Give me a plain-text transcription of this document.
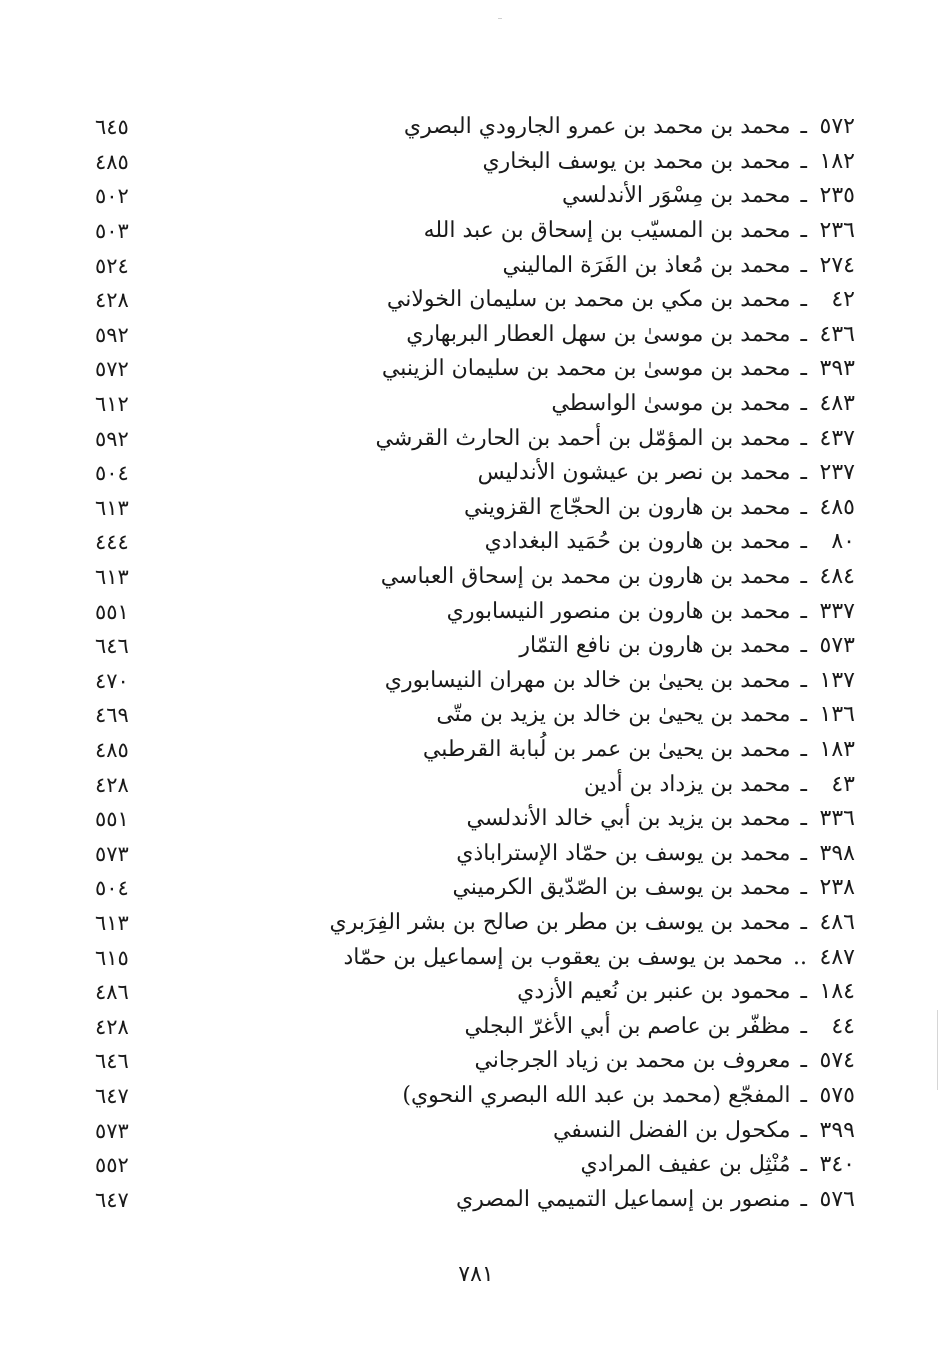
٥٧٢
ـ
محمد بن محمد بن عمرو الجارودي البصري
٦٤٥
١٨٢
ـ
محمد بن محمد بن يوسف البخاري
٤٨٥
٢٣٥
ـ
محمد بن مِسْوَر الأندلسي
٥٠٢
٢٣٦
ـ
محمد بن المسيّب بن إسحاق بن عبد الله
٥٠٣
٢٧٤
ـ
محمد بن مُعاذ بن الفَرَة الماليني
٥٢٤
٤٢
ـ
محمد بن مكي بن محمد بن سليمان الخولاني
٤٢٨
٤٣٦
ـ
محمد بن موسىٰ بن سهل العطار البربهاري
٥٩٢
٣٩٣
ـ
محمد بن موسىٰ بن محمد بن سليمان الزينبي
٥٧٢
٤٨٣
ـ
محمد بن موسىٰ الواسطي
٦١٢
٤٣٧
ـ
محمد بن المؤمّل بن أحمد بن الحارث القرشي
٥٩٢
٢٣٧
ـ
محمد بن نصر بن عيشون الأندليس
٥٠٤
٤٨٥
ـ
محمد بن هارون بن الحجّاج القزويني
٦١٣
٨٠
ـ
محمد بن هارون بن حُمَيد البغدادي
٤٤٤
٤٨٤
ـ
محمد بن هارون بن محمد بن إسحاق العباسي
٦١٣
٣٣٧
ـ
محمد بن هارون بن منصور النيسابوري
٥٥١
٥٧٣
ـ
محمد بن هارون بن نافع التمّار
٦٤٦
١٣٧
ـ
محمد بن يحيىٰ بن خالد بن مهران النيسابوري
٤٧٠
١٣٦
ـ
محمد بن يحيىٰ بن خالد بن يزيد بن متّى
٤٦٩
١٨٣
ـ
محمد بن يحيىٰ بن عمر بن لُبابة القرطبي
٤٨٥
٤٣
ـ
محمد بن يزداد بن أدين
٤٢٨
٣٣٦
ـ
محمد بن يزيد بن أبي خالد الأندلسي
٥٥١
٣٩٨
ـ
محمد بن يوسف بن حمّاد الإستراباذي
٥٧٣
٢٣٨
ـ
محمد بن يوسف بن الصّدّيق الكرميني
٥٠٤
٤٨٦
ـ
محمد بن يوسف بن مطر بن صالح بن بشر الفِرَبري
٦١٣
٤٨٧
..
محمد بن يوسف بن يعقوب بن إسماعيل بن حمّاد
٦١٥
١٨٤
ـ
محمود بن عنبر بن نُعيم الأزدي
٤٨٦
٤٤
ـ
مظفّر بن عاصم بن أبي الأغرّ البجلي
٤٢٨
٥٧٤
ـ
معروف بن محمد بن زياد الجرجاني
٦٤٦
٥٧٥
ـ
المفجّع (محمد بن عبد الله البصري النحوي)
٦٤٧
٣٩٩
ـ
مكحول بن الفضل النسفي
٥٧٣
٣٤٠
ـ
مُنْثِل بن عفيف المرادي
٥٥٢
٥٧٦
ـ
منصور بن إسماعيل التميمي المصري
٦٤٧
٧٨١
